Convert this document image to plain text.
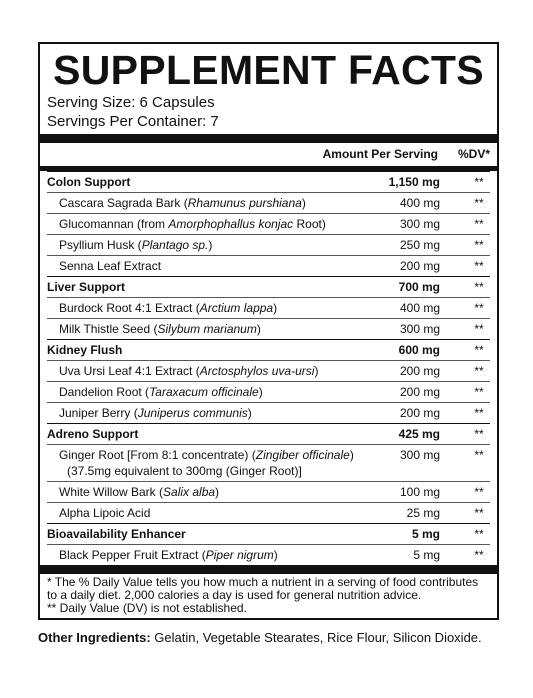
SUPPLEMENT FACTS
Serving Size: 6 Capsules
Servings Per Container: 7
Amount Per Serving	%DV*
Colon Support	1,150 mg	**
Cascara Sagrada Bark (Rhamunus purshiana)	400 mg	**
Glucomannan (from Amorphophallus konjac Root)	300 mg	**
Psyllium Husk (Plantago sp.)	250 mg	**
Senna Leaf Extract	200 mg	**
Liver Support	700 mg	**
Burdock Root 4:1 Extract (Arctium lappa)	400 mg	**
Milk Thistle Seed (Silybum marianum)	300 mg	**
Kidney Flush	600 mg	**
Uva Ursi Leaf 4:1 Extract (Arctosphylos uva-ursi)	200 mg	**
Dandelion Root (Taraxacum officinale)	200 mg	**
Juniper Berry (Juniperus communis)	200 mg	**
Adreno Support	425 mg	**
Ginger Root [From 8:1 concentrate) (Zingiber officinale)
(37.5mg equivalent to 300mg (Ginger Root)]
300 mg	**
White Willow Bark (Salix alba)	100 mg	**
Alpha Lipoic Acid	25 mg	**
Bioavailability Enhancer	5 mg	**
Black Pepper Fruit Extract (Piper nigrum)	5 mg	**
* The % Daily Value tells you how much a nutrient in a serving of food contributes to a daily diet. 2,000 calories a day is used for general nutrition advice.
** Daily Value (DV) is not established.
Other Ingredients: Gelatin, Vegetable Stearates, Rice Flour, Silicon Dioxide.
